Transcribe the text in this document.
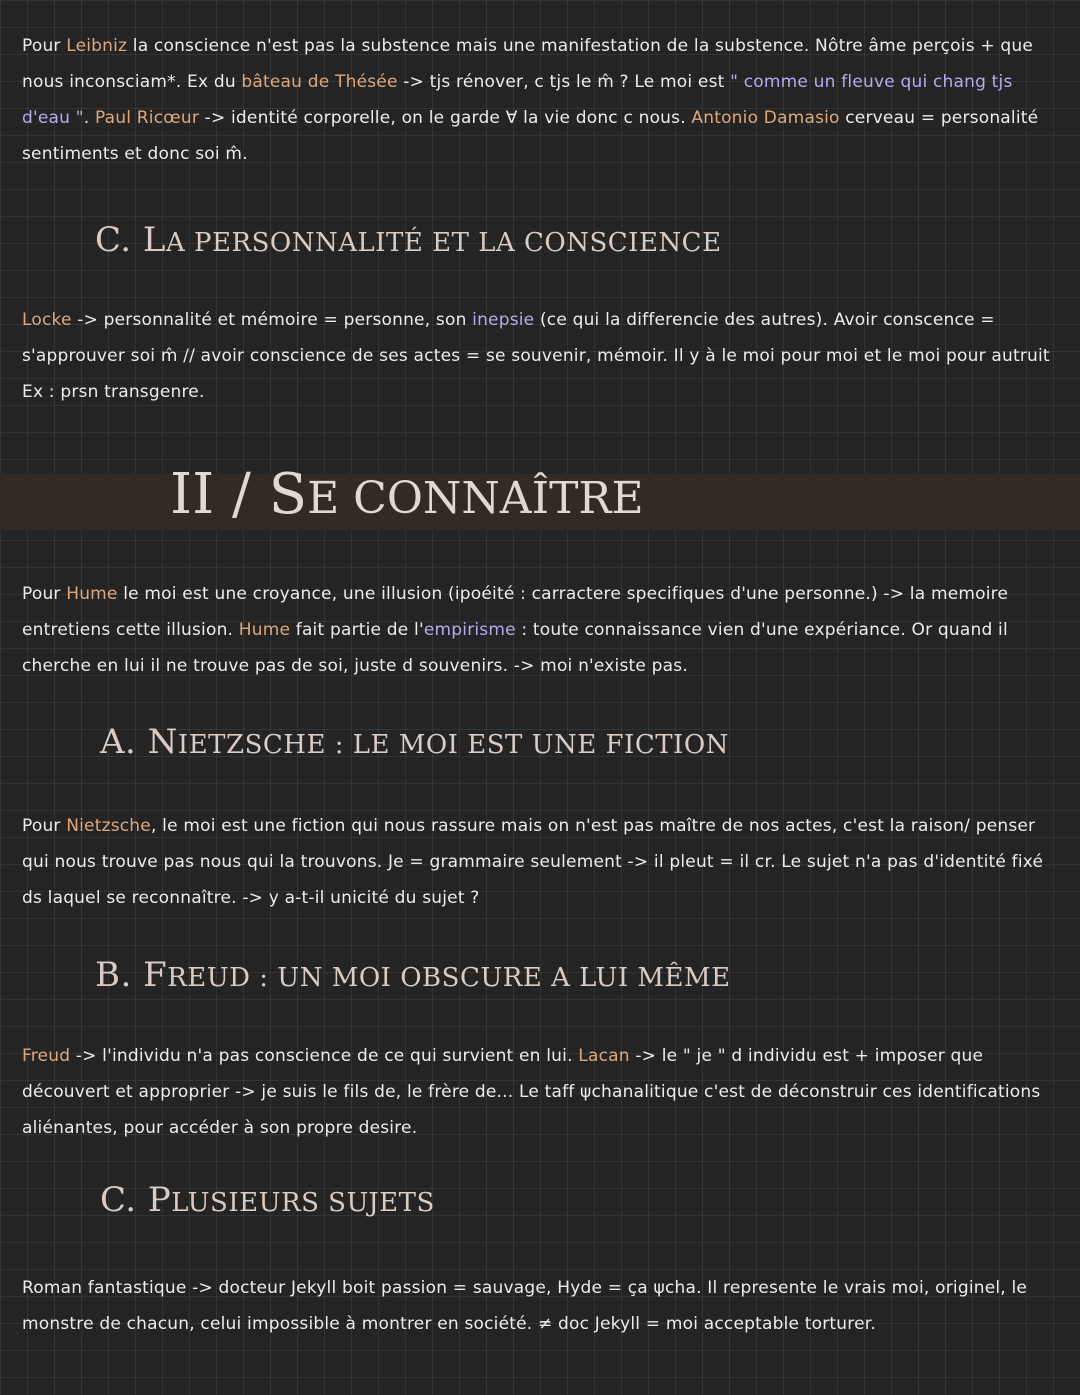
Pour Leibniz la conscience n'est pas la substence mais une manifestation de la substence. Nôtre âme perçois + que nous inconsciam*. Ex du bâteau de Thésée -> tjs rénover, c tjs le m̂ ? Le moi est " comme un fleuve qui chang tjs d'eau ". Paul Ricœur -> identité corporelle, on le garde ∀ la vie donc c nous. Antonio Damasio cerveau = personalité sentiments et donc soi m̂.

C. LA PERSONNALITÉ ET LA CONSCIENCE

Locke -> personnalité et mémoire = personne, son inepsie (ce qui la differencie des autres). Avoir conscence = s'approuver soi m̂ // avoir conscience de ses actes = se souvenir, mémoir. Il y à le moi pour moi et le moi pour autruit Ex : prsn transgenre.

II / SE CONNAÎTRE

Pour Hume le moi est une croyance, une illusion (ipoéité : carractere specifiques d'une personne.) -> la memoire entretiens cette illusion. Hume fait partie de l'empirisme : toute connaissance vien d'une expériance. Or quand il cherche en lui il ne trouve pas de soi, juste d souvenirs. -> moi n'existe pas.

A. NIETZSCHE : LE MOI EST UNE FICTION

Pour Nietzsche, le moi est une fiction qui nous rassure mais on n'est pas maître de nos actes, c'est la raison/ penser qui nous trouve pas nous qui la trouvons. Je = grammaire seulement -> il pleut = il cr. Le sujet n'a pas d'identité fixé ds laquel se reconnaître. -> y a-t-il unicité du sujet ?

B. FREUD : UN MOI OBSCURE A LUI MÊME

Freud -> l'individu n'a pas conscience de ce qui survient en lui. Lacan -> le " je " d individu est + imposer que découvert et approprier -> je suis le fils de, le frère de... Le taff ψchanalitique c'est de déconstruir ces identifications aliénantes, pour accéder à son propre desire.

C. PLUSIEURS SUJETS

Roman fantastique -> docteur Jekyll boit passion = sauvage, Hyde = ça ψcha. Il represente le vrais moi, originel, le monstre de chacun, celui impossible à montrer en société. ≠ doc Jekyll = moi acceptable torturer.
